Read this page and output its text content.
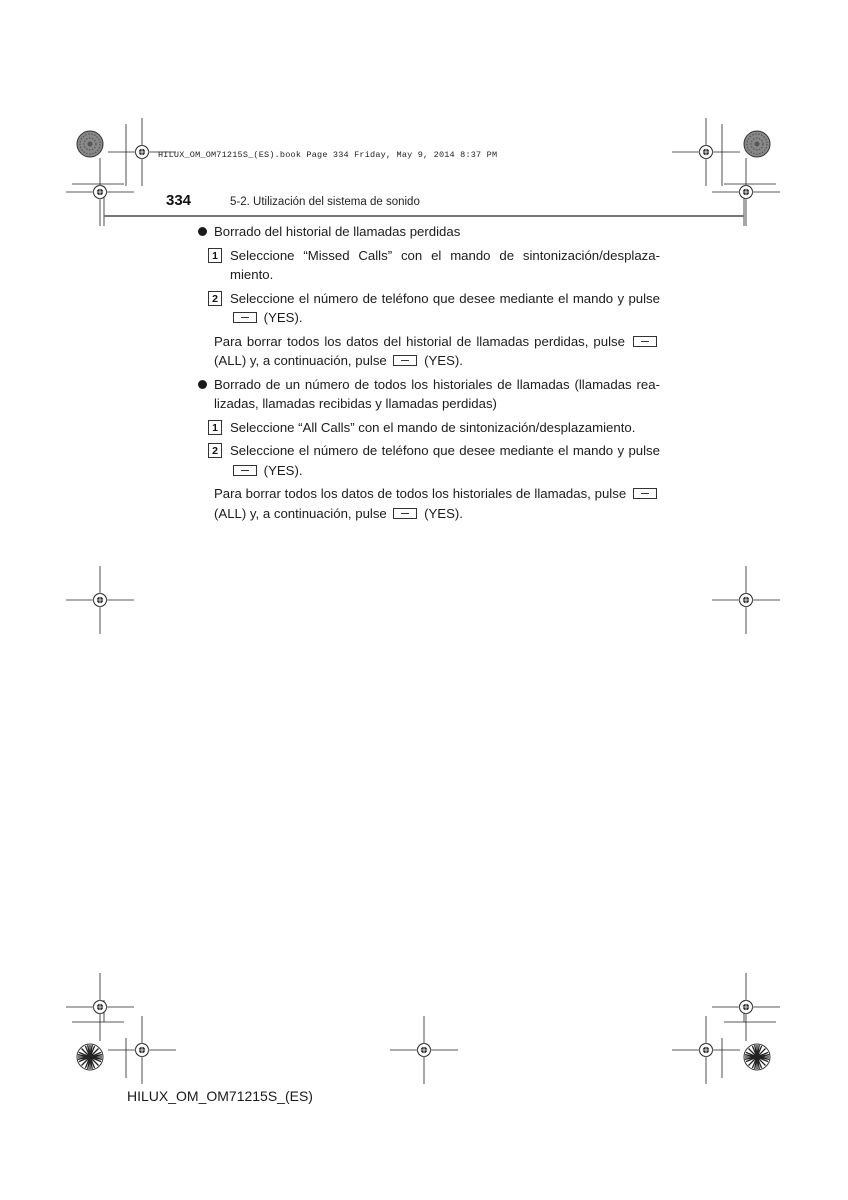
HILUX_OM_OM71215S_(ES).book Page 334 Friday, May 9, 2014 8:37 PM
334	5-2. Utilización del sistema de sonido
Borrado del historial de llamadas perdidas
1 Seleccione “Missed Calls” con el mando de sintonización/desplaza-miento.
2 Seleccione el número de teléfono que desee mediante el mando y pulse  (YES).
Para borrar todos los datos del historial de llamadas perdidas, pulse  (ALL) y, a continuación, pulse	(YES).
Borrado de un número de todos los historiales de llamadas (llamadas rea-lizadas, llamadas recibidas y llamadas perdidas)
1 Seleccione “All Calls” con el mando de sintonización/desplazamiento.
2 Seleccione el número de teléfono que desee mediante el mando y pulse  (YES).
Para borrar todos los datos de todos los historiales de llamadas, pulse  (ALL) y, a continuación, pulse	(YES).
HILUX_OM_OM71215S_(ES)
